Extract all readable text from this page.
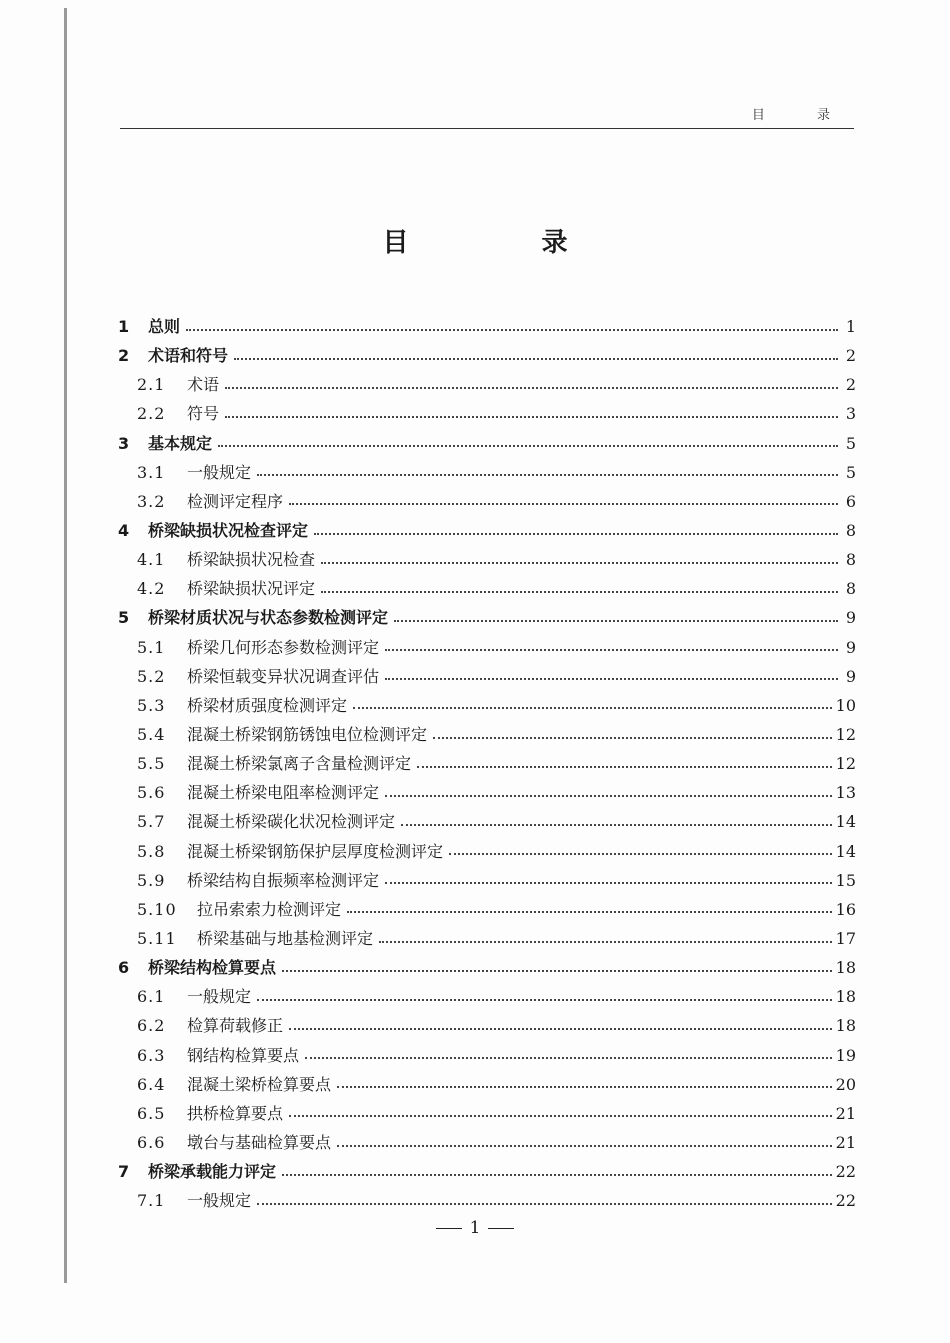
目 录
目 录
1	总则	1
2	术语和符号	2
2.1	术语	2
2.2	符号	3
3	基本规定	5
3.1	一般规定	5
3.2	检测评定程序	6
4	桥梁缺损状况检查评定	8
4.1	桥梁缺损状况检查	8
4.2	桥梁缺损状况评定	8
5	桥梁材质状况与状态参数检测评定	9
5.1	桥梁几何形态参数检测评定	9
5.2	桥梁恒载变异状况调查评估	9
5.3	桥梁材质强度检测评定	10
5.4	混凝土桥梁钢筋锈蚀电位检测评定	12
5.5	混凝土桥梁氯离子含量检测评定	12
5.6	混凝土桥梁电阻率检测评定	13
5.7	混凝土桥梁碳化状况检测评定	14
5.8	混凝土桥梁钢筋保护层厚度检测评定	14
5.9	桥梁结构自振频率检测评定	15
5.10	拉吊索索力检测评定	16
5.11	桥梁基础与地基检测评定	17
6	桥梁结构检算要点	18
6.1	一般规定	18
6.2	检算荷载修正	18
6.3	钢结构检算要点	19
6.4	混凝土梁桥检算要点	20
6.5	拱桥检算要点	21
6.6	墩台与基础检算要点	21
7	桥梁承载能力评定	22
7.1	一般规定	22
1
